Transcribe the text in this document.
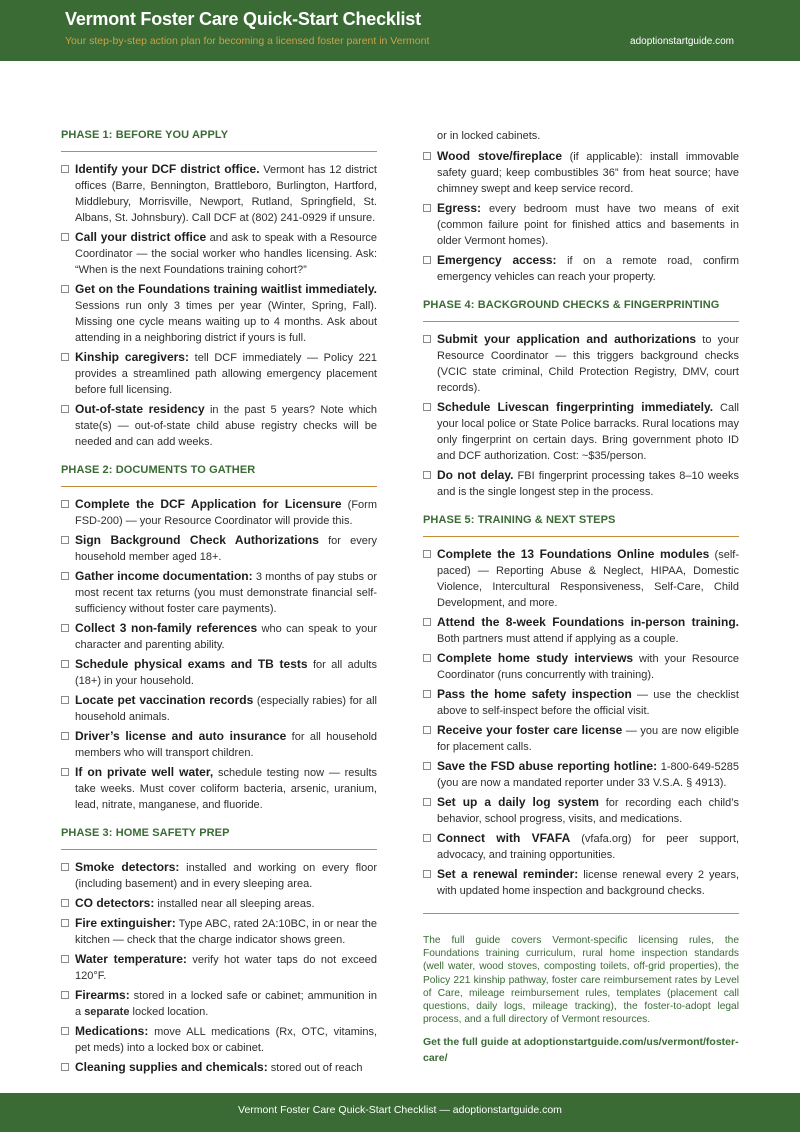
Vermont Foster Care Quick-Start Checklist
Your step-by-step action plan for becoming a licensed foster parent in Vermont	adoptionstartguide.com
PHASE 1: BEFORE YOU APPLY
Identify your DCF district office. Vermont has 12 district offices (Barre, Bennington, Brattleboro, Burlington, Hartford, Middlebury, Morrisville, Newport, Rutland, Springfield, St. Albans, St. Johnsbury). Call DCF at (802) 241-0929 if unsure.
Call your district office and ask to speak with a Resource Coordinator — the social worker who handles licensing. Ask: “When is the next Foundations training cohort?”
Get on the Foundations training waitlist immediately. Sessions run only 3 times per year (Winter, Spring, Fall). Missing one cycle means waiting up to 4 months. Ask about attending in a neighboring district if yours is full.
Kinship caregivers: tell DCF immediately — Policy 221 provides a streamlined path allowing emergency placement before full licensing.
Out-of-state residency in the past 5 years? Note which state(s) — out-of-state child abuse registry checks will be needed and can add weeks.
PHASE 2: DOCUMENTS TO GATHER
Complete the DCF Application for Licensure (Form FSD-200) — your Resource Coordinator will provide this.
Sign Background Check Authorizations for every household member aged 18+.
Gather income documentation: 3 months of pay stubs or most recent tax returns (you must demonstrate financial self-sufficiency without foster care payments).
Collect 3 non-family references who can speak to your character and parenting ability.
Schedule physical exams and TB tests for all adults (18+) in your household.
Locate pet vaccination records (especially rabies) for all household animals.
Driver’s license and auto insurance for all household members who will transport children.
If on private well water, schedule testing now — results take weeks. Must cover coliform bacteria, arsenic, uranium, lead, nitrate, manganese, and fluoride.
PHASE 3: HOME SAFETY PREP
Smoke detectors: installed and working on every floor (including basement) and in every sleeping area.
CO detectors: installed near all sleeping areas.
Fire extinguisher: Type ABC, rated 2A:10BC, in or near the kitchen — check that the charge indicator shows green.
Water temperature: verify hot water taps do not exceed 120°F.
Firearms: stored in a locked safe or cabinet; ammunition in a separate locked location.
Medications: move ALL medications (Rx, OTC, vitamins, pet meds) into a locked box or cabinet.
Cleaning supplies and chemicals: stored out of reach
or in locked cabinets.
Wood stove/fireplace (if applicable): install immovable safety guard; keep combustibles 36” from heat source; have chimney swept and keep service record.
Egress: every bedroom must have two means of exit (common failure point for finished attics and basements in older Vermont homes).
Emergency access: if on a remote road, confirm emergency vehicles can reach your property.
PHASE 4: BACKGROUND CHECKS & FINGERPRINTING
Submit your application and authorizations to your Resource Coordinator — this triggers background checks (VCIC state criminal, Child Protection Registry, DMV, court records).
Schedule Livescan fingerprinting immediately. Call your local police or State Police barracks. Rural locations may only fingerprint on certain days. Bring government photo ID and DCF authorization. Cost: ~$35/person.
Do not delay. FBI fingerprint processing takes 8–10 weeks and is the single longest step in the process.
PHASE 5: TRAINING & NEXT STEPS
Complete the 13 Foundations Online modules (self-paced) — Reporting Abuse & Neglect, HIPAA, Domestic Violence, Intercultural Responsiveness, Self-Care, Child Development, and more.
Attend the 8-week Foundations in-person training. Both partners must attend if applying as a couple.
Complete home study interviews with your Resource Coordinator (runs concurrently with training).
Pass the home safety inspection — use the checklist above to self-inspect before the official visit.
Receive your foster care license — you are now eligible for placement calls.
Save the FSD abuse reporting hotline: 1-800-649-5285 (you are now a mandated reporter under 33 V.S.A. § 4913).
Set up a daily log system for recording each child’s behavior, school progress, visits, and medications.
Connect with VFAFA (vfafa.org) for peer support, advocacy, and training opportunities.
Set a renewal reminder: license renewal every 2 years, with updated home inspection and background checks.
The full guide covers Vermont-specific licensing rules, the Foundations training curriculum, rural home inspection standards (well water, wood stoves, composting toilets, off-grid properties), the Policy 221 kinship pathway, foster care reimbursement rates by Level of Care, mileage reimbursement rules, templates (placement call questions, daily logs, mileage tracking), the foster-to-adopt legal process, and a full directory of Vermont resources.
Get the full guide at adoptionstartguide.com/us/vermont/foster-care/
Vermont Foster Care Quick-Start Checklist — adoptionstartguide.com
